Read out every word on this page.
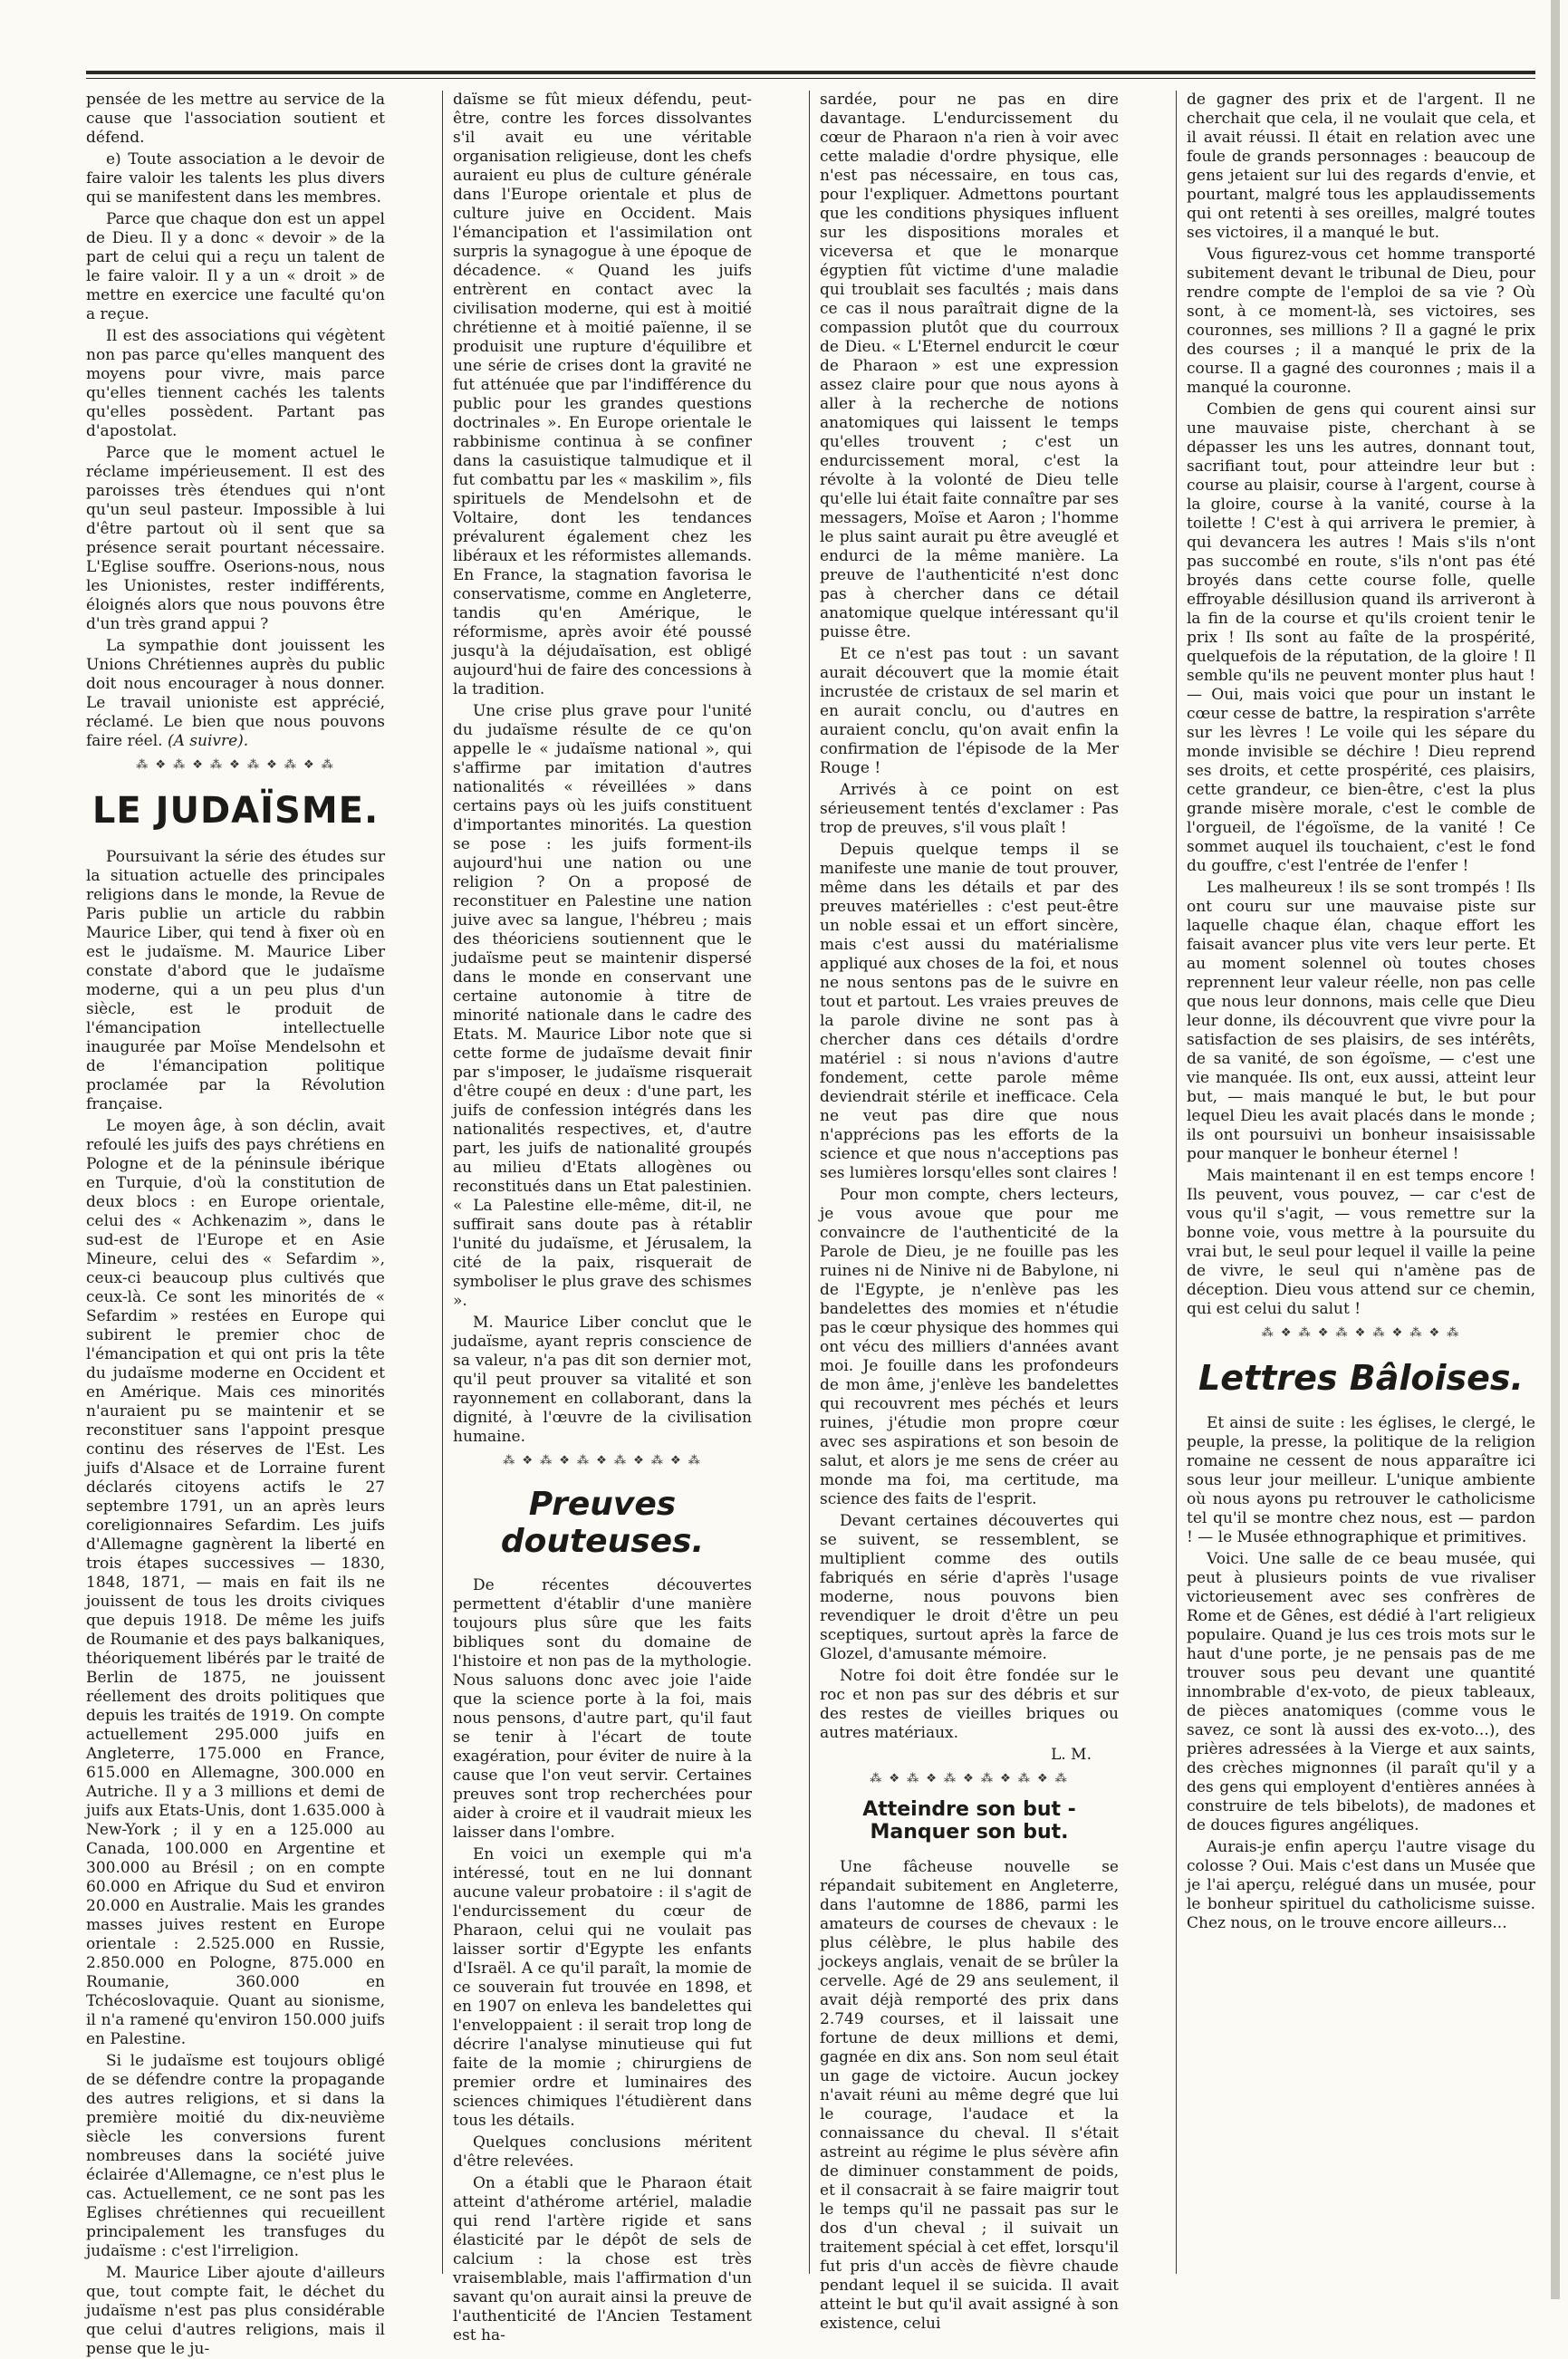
pensée de les mettre au service de la cause que l'association soutient et défend.

e) Toute association a le devoir de faire valoir les talents les plus divers qui se manifestent dans les membres.

Parce que chaque don est un appel de Dieu. Il y a donc « devoir » de la part de celui qui a reçu un talent de le faire valoir. Il y a un « droit » de mettre en exercice une faculté qu'on a reçue.

Il est des associations qui végètent non pas parce qu'elles manquent des moyens pour vivre, mais parce qu'elles tiennent cachés les talents qu'elles possèdent. Partant pas d'apostolat.

Parce que le moment actuel le réclame impérieusement. Il est des paroisses très étendues qui n'ont qu'un seul pasteur. Impossible à lui d'être partout où il sent que sa présence serait pourtant nécessaire. L'Eglise souffre. Oserions-nous, nous les Unionistes, rester indifférents, éloignés alors que nous pouvons être d'un très grand appui ?

La sympathie dont jouissent les Unions Chrétiennes auprès du public doit nous encourager à nous donner. Le travail unioniste est apprécié, réclamé. Le bien que nous pouvons faire réel. (A suivre).

⁂ ❖ ⁂ ❖ ⁂ ❖ ⁂ ❖ ⁂ ❖ ⁂
LE JUDAÏSME.

Poursuivant la série des études sur la situation actuelle des principales religions dans le monde, la Revue de Paris publie un article du rabbin Maurice Liber, qui tend à fixer où en est le judaïsme. M. Maurice Liber constate d'abord que le judaïsme moderne, qui a un peu plus d'un siècle, est le produit de l'émancipation intellectuelle inaugurée par Moïse Mendelsohn et de l'émancipation politique proclamée par la Révolution française.

Le moyen âge, à son déclin, avait refoulé les juifs des pays chrétiens en Pologne et de la péninsule ibérique en Turquie, d'où la constitution de deux blocs : en Europe orientale, celui des « Achkenazim », dans le sud-est de l'Europe et en Asie Mineure, celui des « Sefardim », ceux-ci beaucoup plus cultivés que ceux-là. Ce sont les minorités de « Sefardim » restées en Europe qui subirent le premier choc de l'émancipation et qui ont pris la tête du judaïsme moderne en Occident et en Amérique. Mais ces minorités n'auraient pu se maintenir et se reconstituer sans l'appoint presque continu des réserves de l'Est. Les juifs d'Alsace et de Lorraine furent déclarés citoyens actifs le 27 septembre 1791, un an après leurs coreligionnaires Sefardim. Les juifs d'Allemagne gagnèrent la liberté en trois étapes successives — 1830, 1848, 1871, — mais en fait ils ne jouissent de tous les droits civiques que depuis 1918. De même les juifs de Roumanie et des pays balkaniques, théoriquement libérés par le traité de Berlin de 1875, ne jouissent réellement des droits politiques que depuis les traités de 1919. On compte actuellement 295.000 juifs en Angleterre, 175.000 en France, 615.000 en Allemagne, 300.000 en Autriche. Il y a 3 millions et demi de juifs aux Etats-Unis, dont 1.635.000 à New-York ; il y en a 125.000 au Canada, 100.000 en Argentine et 300.000 au Brésil ; on en compte 60.000 en Afrique du Sud et environ 20.000 en Australie. Mais les grandes masses juives restent en Europe orientale : 2.525.000 en Russie, 2.850.000 en Pologne, 875.000 en Roumanie, 360.000 en Tchécoslovaquie. Quant au sionisme, il n'a ramené qu'environ 150.000 juifs en Palestine.

Si le judaïsme est toujours obligé de se défendre contre la propagande des autres religions, et si dans la première moitié du dix-neuvième siècle les conversions furent nombreuses dans la société juive éclairée d'Allemagne, ce n'est plus le cas. Actuellement, ce ne sont pas les Eglises chrétiennes qui recueillent principalement les transfuges du judaïsme : c'est l'irreligion.

M. Maurice Liber ajoute d'ailleurs que, tout compte fait, le déchet du judaïsme n'est pas plus considérable que celui d'autres religions, mais il pense que le ju-

daïsme se fût mieux défendu, peut-être, contre les forces dissolvantes s'il avait eu une véritable organisation religieuse, dont les chefs auraient eu plus de culture générale dans l'Europe orientale et plus de culture juive en Occident. Mais l'émancipation et l'assimilation ont surpris la synagogue à une époque de décadence. « Quand les juifs entrèrent en contact avec la civilisation moderne, qui est à moitié chrétienne et à moitié païenne, il se produisit une rupture d'équilibre et une série de crises dont la gravité ne fut atténuée que par l'indifférence du public pour les grandes questions doctrinales ». En Europe orientale le rabbinisme continua à se confiner dans la casuistique talmudique et il fut combattu par les « maskilim », fils spirituels de Mendelsohn et de Voltaire, dont les tendances prévalurent également chez les libéraux et les réformistes allemands. En France, la stagnation favorisa le conservatisme, comme en Angleterre, tandis qu'en Amérique, le réformisme, après avoir été poussé jusqu'à la déjudaïsation, est obligé aujourd'hui de faire des concessions à la tradition.

Une crise plus grave pour l'unité du judaïsme résulte de ce qu'on appelle le « judaïsme national », qui s'affirme par imitation d'autres nationalités « réveillées » dans certains pays où les juifs constituent d'importantes minorités. La question se pose : les juifs forment-ils aujourd'hui une nation ou une religion ? On a proposé de reconstituer en Palestine une nation juive avec sa langue, l'hébreu ; mais des théoriciens soutiennent que le judaïsme peut se maintenir dispersé dans le monde en conservant une certaine autonomie à titre de minorité nationale dans le cadre des Etats. M. Maurice Libor note que si cette forme de judaïsme devait finir par s'imposer, le judaïsme risquerait d'être coupé en deux : d'une part, les juifs de confession intégrés dans les nationalités respectives, et, d'autre part, les juifs de nationalité groupés au milieu d'Etats allogènes ou reconstitués dans un Etat palestinien. « La Palestine elle-même, dit-il, ne suffirait sans doute pas à rétablir l'unité du judaïsme, et Jérusalem, la cité de la paix, risquerait de symboliser le plus grave des schismes ».

M. Maurice Liber conclut que le judaïsme, ayant repris conscience de sa valeur, n'a pas dit son dernier mot, qu'il peut prouver sa vitalité et son rayonnement en collaborant, dans la dignité, à l'œuvre de la civilisation humaine.

⁂ ❖ ⁂ ❖ ⁂ ❖ ⁂ ❖ ⁂ ❖ ⁂
Preuves douteuses.

De récentes découvertes permettent d'établir d'une manière toujours plus sûre que les faits bibliques sont du domaine de l'histoire et non pas de la mythologie. Nous saluons donc avec joie l'aide que la science porte à la foi, mais nous pensons, d'autre part, qu'il faut se tenir à l'écart de toute exagération, pour éviter de nuire à la cause que l'on veut servir. Certaines preuves sont trop recherchées pour aider à croire et il vaudrait mieux les laisser dans l'ombre.

En voici un exemple qui m'a intéressé, tout en ne lui donnant aucune valeur probatoire : il s'agit de l'endurcissement du cœur de Pharaon, celui qui ne voulait pas laisser sortir d'Egypte les enfants d'Israël. A ce qu'il paraît, la momie de ce souverain fut trouvée en 1898, et en 1907 on enleva les bandelettes qui l'enveloppaient : il serait trop long de décrire l'analyse minutieuse qui fut faite de la momie ; chirurgiens de premier ordre et luminaires des sciences chimiques l'étudièrent dans tous les détails.

Quelques conclusions méritent d'être relevées.

On a établi que le Pharaon était atteint d'athérome artériel, maladie qui rend l'artère rigide et sans élasticité par le dépôt de sels de calcium : la chose est très vraisemblable, mais l'affirmation d'un savant qu'on aurait ainsi la preuve de l'authenticité de l'Ancien Testament est ha-

sardée, pour ne pas en dire davantage. L'endurcissement du cœur de Pharaon n'a rien à voir avec cette maladie d'ordre physique, elle n'est pas nécessaire, en tous cas, pour l'expliquer. Admettons pourtant que les conditions physiques influent sur les dispositions morales et viceversa et que le monarque égyptien fût victime d'une maladie qui troublait ses facultés ; mais dans ce cas il nous paraîtrait digne de la compassion plutôt que du courroux de Dieu. « L'Eternel endurcit le cœur de Pharaon » est une expression assez claire pour que nous ayons à aller à la recherche de notions anatomiques qui laissent le temps qu'elles trouvent ; c'est un endurcissement moral, c'est la révolte à la volonté de Dieu telle qu'elle lui était faite connaître par ses messagers, Moïse et Aaron ; l'homme le plus saint aurait pu être aveuglé et endurci de la même manière. La preuve de l'authenticité n'est donc pas à chercher dans ce détail anatomique quelque intéressant qu'il puisse être.

Et ce n'est pas tout : un savant aurait découvert que la momie était incrustée de cristaux de sel marin et en aurait conclu, ou d'autres en auraient conclu, qu'on avait enfin la confirmation de l'épisode de la Mer Rouge !

Arrivés à ce point on est sérieusement tentés d'exclamer : Pas trop de preuves, s'il vous plaît !

Depuis quelque temps il se manifeste une manie de tout prouver, même dans les détails et par des preuves matérielles : c'est peut-être un noble essai et un effort sincère, mais c'est aussi du matérialisme appliqué aux choses de la foi, et nous ne nous sentons pas de le suivre en tout et partout. Les vraies preuves de la parole divine ne sont pas à chercher dans ces détails d'ordre matériel : si nous n'avions d'autre fondement, cette parole même deviendrait stérile et inefficace. Cela ne veut pas dire que nous n'apprécions pas les efforts de la science et que nous n'acceptions pas ses lumières lorsqu'elles sont claires !

Pour mon compte, chers lecteurs, je vous avoue que pour me convaincre de l'authenticité de la Parole de Dieu, je ne fouille pas les ruines ni de Ninive ni de Babylone, ni de l'Egypte, je n'enlève pas les bandelettes des momies et n'étudie pas le cœur physique des hommes qui ont vécu des milliers d'années avant moi. Je fouille dans les profondeurs de mon âme, j'enlève les bandelettes qui recouvrent mes péchés et leurs ruines, j'étudie mon propre cœur avec ses aspirations et son besoin de salut, et alors je me sens de créer au monde ma foi, ma certitude, ma science des faits de l'esprit.

Devant certaines découvertes qui se suivent, se ressemblent, se multiplient comme des outils fabriqués en série d'après l'usage moderne, nous pouvons bien revendiquer le droit d'être un peu sceptiques, surtout après la farce de Glozel, d'amusante mémoire.

Notre foi doit être fondée sur le roc et non pas sur des débris et sur des restes de vieilles briques ou autres matériaux.

L. M.
⁂ ❖ ⁂ ❖ ⁂ ❖ ⁂ ❖ ⁂ ❖ ⁂
Atteindre son but - Manquer son but.

Une fâcheuse nouvelle se répandait subitement en Angleterre, dans l'automne de 1886, parmi les amateurs de courses de chevaux : le plus célèbre, le plus habile des jockeys anglais, venait de se brûler la cervelle. Agé de 29 ans seulement, il avait déjà remporté des prix dans 2.749 courses, et il laissait une fortune de deux millions et demi, gagnée en dix ans. Son nom seul était un gage de victoire. Aucun jockey n'avait réuni au même degré que lui le courage, l'audace et la connaissance du cheval. Il s'était astreint au régime le plus sévère afin de diminuer constamment de poids, et il consacrait à se faire maigrir tout le temps qu'il ne passait pas sur le dos d'un cheval ; il suivait un traitement spécial à cet effet, lorsqu'il fut pris d'un accès de fièvre chaude pendant lequel il se suicida. Il avait atteint le but qu'il avait assigné à son existence, celui

de gagner des prix et de l'argent. Il ne cherchait que cela, il ne voulait que cela, et il avait réussi. Il était en relation avec une foule de grands personnages : beaucoup de gens jetaient sur lui des regards d'envie, et pourtant, malgré tous les applaudissements qui ont retenti à ses oreilles, malgré toutes ses victoires, il a manqué le but.

Vous figurez-vous cet homme transporté subitement devant le tribunal de Dieu, pour rendre compte de l'emploi de sa vie ? Où sont, à ce moment-là, ses victoires, ses couronnes, ses millions ? Il a gagné le prix des courses ; il a manqué le prix de la course. Il a gagné des couronnes ; mais il a manqué la couronne.

Combien de gens qui courent ainsi sur une mauvaise piste, cherchant à se dépasser les uns les autres, donnant tout, sacrifiant tout, pour atteindre leur but : course au plaisir, course à l'argent, course à la gloire, course à la vanité, course à la toilette ! C'est à qui arrivera le premier, à qui devancera les autres ! Mais s'ils n'ont pas succombé en route, s'ils n'ont pas été broyés dans cette course folle, quelle effroyable désillusion quand ils arriveront à la fin de la course et qu'ils croient tenir le prix ! Ils sont au faîte de la prospérité, quelquefois de la réputation, de la gloire ! Il semble qu'ils ne peuvent monter plus haut ! — Oui, mais voici que pour un instant le cœur cesse de battre, la respiration s'arrête sur les lèvres ! Le voile qui les sépare du monde invisible se déchire ! Dieu reprend ses droits, et cette prospérité, ces plaisirs, cette grandeur, ce bien-être, c'est la plus grande misère morale, c'est le comble de l'orgueil, de l'égoïsme, de la vanité ! Ce sommet auquel ils touchaient, c'est le fond du gouffre, c'est l'entrée de l'enfer !

Les malheureux ! ils se sont trompés ! Ils ont couru sur une mauvaise piste sur laquelle chaque élan, chaque effort les faisait avancer plus vite vers leur perte. Et au moment solennel où toutes choses reprennent leur valeur réelle, non pas celle que nous leur donnons, mais celle que Dieu leur donne, ils découvrent que vivre pour la satisfaction de ses plaisirs, de ses intérêts, de sa vanité, de son égoïsme, — c'est une vie manquée. Ils ont, eux aussi, atteint leur but, — mais manqué le but, le but pour lequel Dieu les avait placés dans le monde ; ils ont poursuivi un bonheur insaisissable pour manquer le bonheur éternel !

Mais maintenant il en est temps encore ! Ils peuvent, vous pouvez, — car c'est de vous qu'il s'agit, — vous remettre sur la bonne voie, vous mettre à la poursuite du vrai but, le seul pour lequel il vaille la peine de vivre, le seul qui n'amène pas de déception. Dieu vous attend sur ce chemin, qui est celui du salut !

⁂ ❖ ⁂ ❖ ⁂ ❖ ⁂ ❖ ⁂ ❖ ⁂
Lettres Bâloises.

Et ainsi de suite : les églises, le clergé, le peuple, la presse, la politique de la religion romaine ne cessent de nous apparaître ici sous leur jour meilleur. L'unique ambiente où nous ayons pu retrouver le catholicisme tel qu'il se montre chez nous, est — pardon ! — le Musée ethnographique et primitives.

Voici. Une salle de ce beau musée, qui peut à plusieurs points de vue rivaliser victorieusement avec ses confrères de Rome et de Gênes, est dédié à l'art religieux populaire. Quand je lus ces trois mots sur le haut d'une porte, je ne pensais pas de me trouver sous peu devant une quantité innombrable d'ex-voto, de pieux tableaux, de pièces anatomiques (comme vous le savez, ce sont là aussi des ex-voto...), des prières adressées à la Vierge et aux saints, des crèches mignonnes (il paraît qu'il y a des gens qui employent d'entières années à construire de tels bibelots), de madones et de douces figures angéliques.

Aurais-je enfin aperçu l'autre visage du colosse ? Oui. Mais c'est dans un Musée que je l'ai aperçu, relégué dans un musée, pour le bonheur spirituel du catholicisme suisse. Chez nous, on le trouve encore ailleurs...
